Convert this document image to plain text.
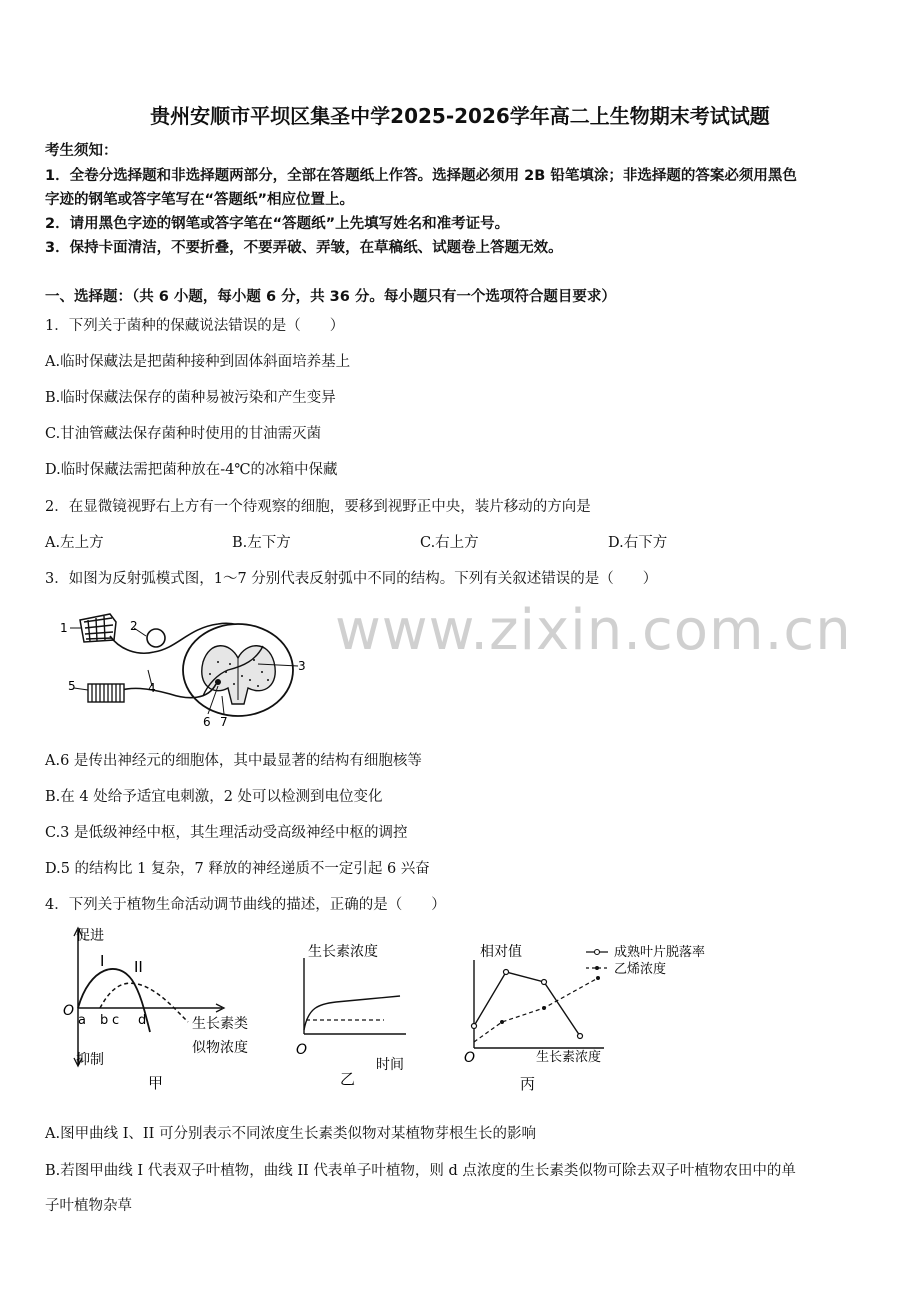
贵州安顺市平坝区集圣中学2025-2026学年高二上生物期末考试试题
考生须知：
1．全卷分选择题和非选择题两部分，全部在答题纸上作答。选择题必须用 2B 铅笔填涂；非选择题的答案必须用黑色
字迹的钢笔或答字笔写在“答题纸”相应位置上。
2．请用黑色字迹的钢笔或答字笔在“答题纸”上先填写姓名和准考证号。
3．保持卡面清洁，不要折叠，不要弄破、弄皱，在草稿纸、试题卷上答题无效。
一、选择题：（共 6 小题，每小题 6 分，共 36 分。每小题只有一个选项符合题目要求）
1．下列关于菌种的保藏说法错误的是（　　）
A.临时保藏法是把菌种接种到固体斜面培养基上
B.临时保藏法保存的菌种易被污染和产生变异
C.甘油管藏法保存菌种时使用的甘油需灭菌
D.临时保藏法需把菌种放在-4℃的冰箱中保藏
2．在显微镜视野右上方有一个待观察的细胞，要移到视野正中央，装片移动的方向是
A.左上方	B.左下方	C.右上方	D.右下方
3．如图为反射弧模式图，1～7 分别代表反射弧中不同的结构。下列有关叙述错误的是（　　）
1	2
3
4
5
6 7
www.zixin.com.cn
A.6 是传出神经元的细胞体，其中最显著的结构有细胞核等
B.在 4 处给予适宜电刺激，2 处可以检测到电位变化
C.3 是低级神经中枢，其生理活动受高级神经中枢的调控
D.5 的结构比 1 复杂，7 释放的神经递质不一定引起 6 兴奋
4．下列关于植物生命活动调节曲线的描述，正确的是（　　）
促进
抑制
O
I II
a b c d	生长素类
似物浓度
甲
生长素浓度
O
时间
乙
相对值	成熟叶片脱落率
乙烯浓度
O	生长素浓度
丙
A.图甲曲线 I、II 可分别表示不同浓度生长素类似物对某植物芽根生长的影响
B.若图甲曲线 I 代表双子叶植物，曲线 II 代表单子叶植物，则 d 点浓度的生长素类似物可除去双子叶植物农田中的单
子叶植物杂草
